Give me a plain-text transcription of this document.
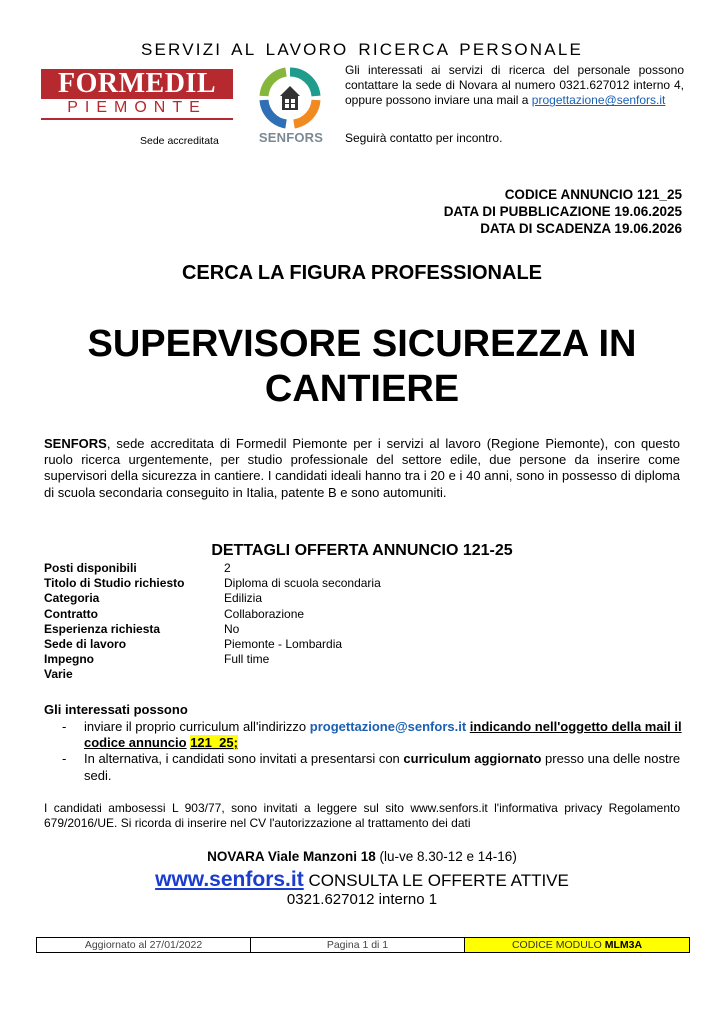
SERVIZI AL LAVORO RICERCA PERSONALE
FORMEDIL
PIEMONTE
Sede accreditata	SENFORS
Gli interessati ai servizi di ricerca del personale possono contattare la sede di Novara al numero 0321.627012 interno 4, oppure possono inviare una mail a progettazione@senfors.it
Seguirà contatto per incontro.
CODICE ANNUNCIO 121_25
DATA DI PUBBLICAZIONE 19.06.2025
DATA DI SCADENZA 19.06.2026
CERCA LA FIGURA PROFESSIONALE
SUPERVISORE SICUREZZA IN
CANTIERE
SENFORS, sede accreditata di Formedil Piemonte per i servizi al lavoro (Regione Piemonte), con questo ruolo ricerca urgentemente, per studio professionale del settore edile, due persone da inserire come supervisori della sicurezza in cantiere. I candidati ideali hanno tra i 20 e i 40 anni, sono in possesso di diploma di scuola secondaria conseguito in Italia, patente B e sono automuniti.
DETTAGLI OFFERTA ANNUNCIO 121-25
Posti disponibili	2
Titolo di Studio richiesto	Diploma di scuola secondaria
Categoria	Edilizia
Contratto	Collaborazione
Esperienza richiesta	No
Sede di lavoro	Piemonte - Lombardia
Impegno	Full time
Varie
Gli interessati possono
-	inviare il proprio curriculum all'indirizzo progettazione@senfors.it indicando nell'oggetto della mail il codice annuncio 121_25;
-	In alternativa, i candidati sono invitati a presentarsi con curriculum aggiornato presso una delle nostre sedi.
I candidati ambosessi L 903/77, sono invitati a leggere sul sito www.senfors.it l'informativa privacy Regolamento 679/2016/UE. Si ricorda di inserire nel CV l'autorizzazione al trattamento dei dati
NOVARA Viale Manzoni 18 (lu-ve 8.30-12 e 14-16)
www.senfors.it CONSULTA LE OFFERTE ATTIVE
0321.627012 interno 1
Aggiornato al 27/01/2022	Pagina 1 di 1	CODICE MODULO
MLM3A
